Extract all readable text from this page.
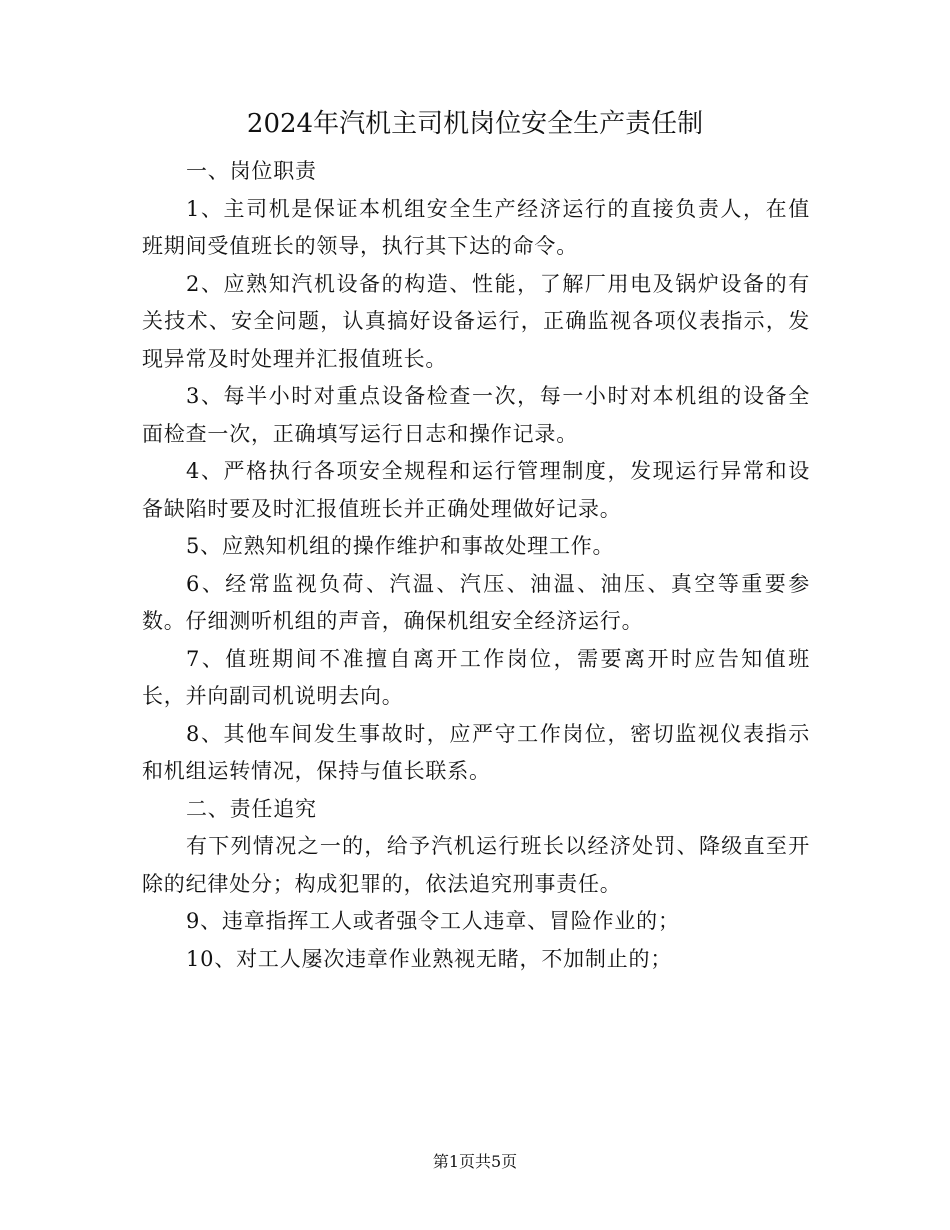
2024年汽机主司机岗位安全生产责任制

一、岗位职责

1、主司机是保证本机组安全生产经济运行的直接负责人，在值班期间受值班长的领导，执行其下达的命令。

2、应熟知汽机设备的构造、性能，了解厂用电及锅炉设备的有关技术、安全问题，认真搞好设备运行，正确监视各项仪表指示，发现异常及时处理并汇报值班长。

3、每半小时对重点设备检查一次，每一小时对本机组的设备全面检查一次，正确填写运行日志和操作记录。

4、严格执行各项安全规程和运行管理制度，发现运行异常和设备缺陷时要及时汇报值班长并正确处理做好记录。

5、应熟知机组的操作维护和事故处理工作。

6、经常监视负荷、汽温、汽压、油温、油压、真空等重要参数。仔细测听机组的声音，确保机组安全经济运行。

7、值班期间不准擅自离开工作岗位，需要离开时应告知值班长，并向副司机说明去向。

8、其他车间发生事故时，应严守工作岗位，密切监视仪表指示和机组运转情况，保持与值长联系。

二、责任追究

有下列情况之一的，给予汽机运行班长以经济处罚、降级直至开除的纪律处分；构成犯罪的，依法追究刑事责任。

9、违章指挥工人或者强令工人违章、冒险作业的；

10、对工人屡次违章作业熟视无睹，不加制止的；

第1页共5页
